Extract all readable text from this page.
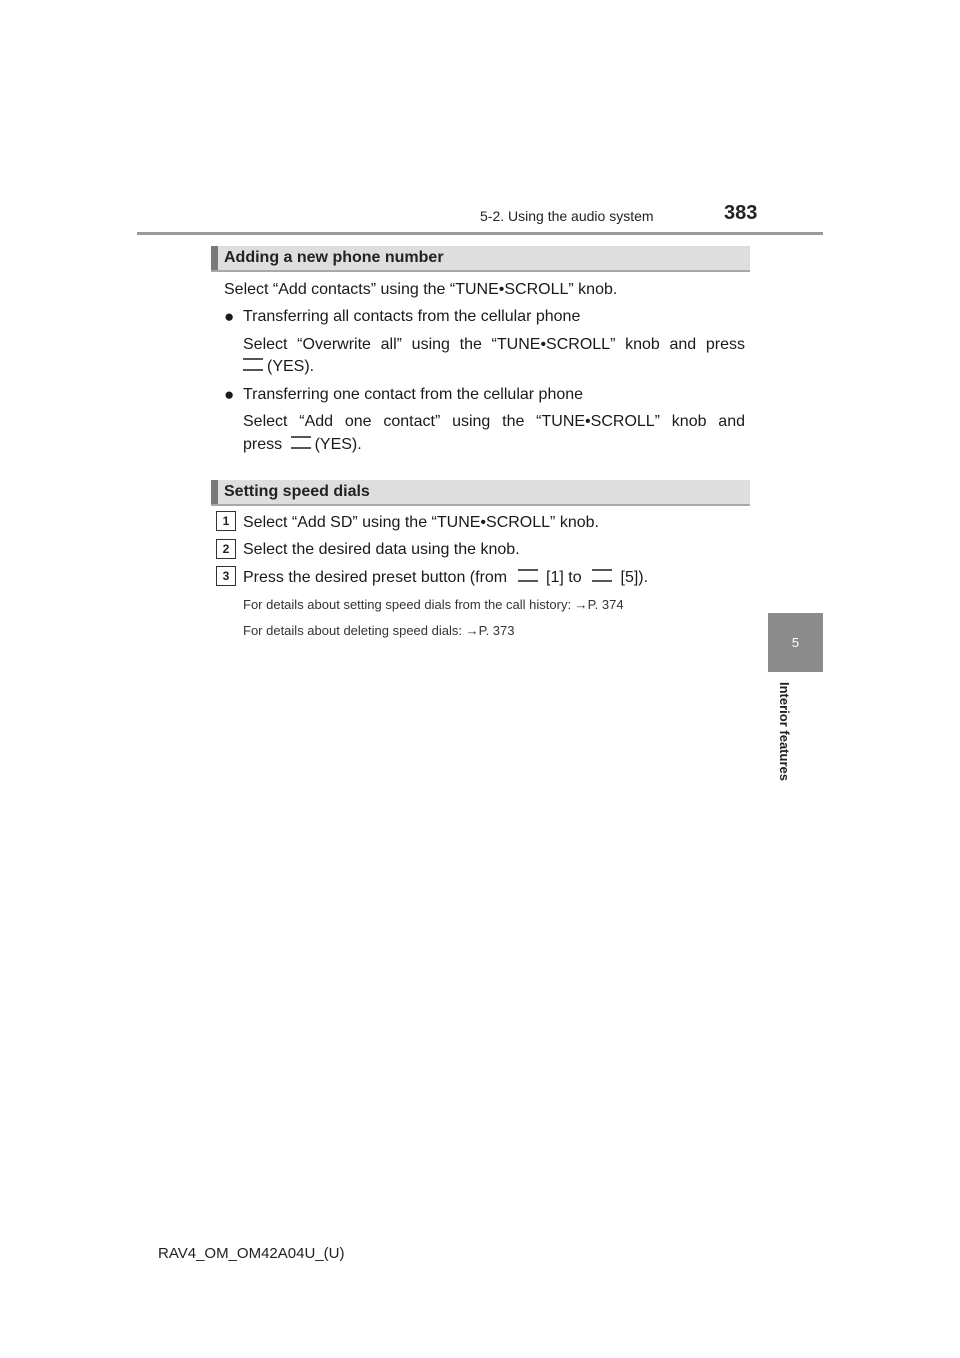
5-2. Using the audio system	383
5
Interior features
Adding a new phone number
Select “Add contacts” using the “TUNE•SCROLL” knob.
● Transferring all contacts from the cellular phone
Select “Overwrite all” using the “TUNE•SCROLL” knob and press
(YES).
● Transferring one contact from the cellular phone
Select “Add one contact” using the “TUNE•SCROLL” knob and
press (YES).
Setting speed dials
1 Select “Add SD” using the “TUNE•SCROLL” knob.
2 Select the desired data using the knob.
3 Press the desired preset button (from [1] to [5]).
For details about setting speed dials from the call history: →P. 374
For details about deleting speed dials: →P. 373
RAV4_OM_OM42A04U_(U)
